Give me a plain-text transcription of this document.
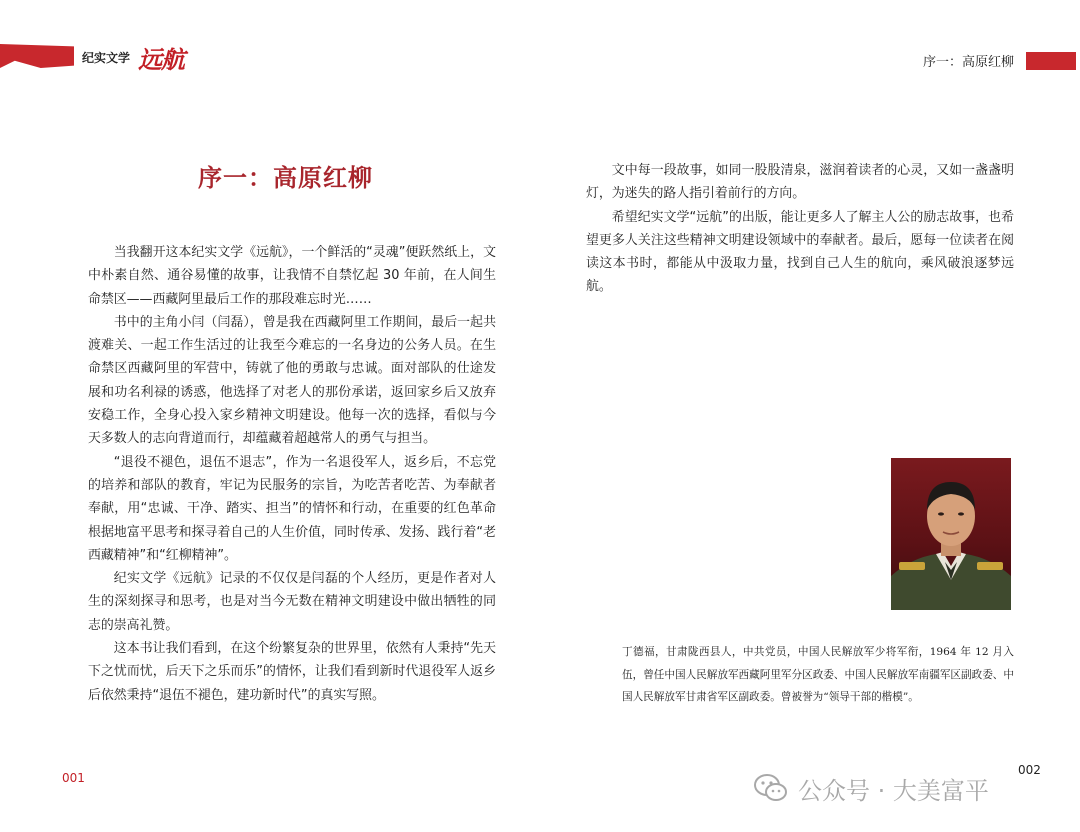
纪实文学 远航	序一：高原红柳
序一：高原红柳

当我翻开这本纪实文学《远航》，一个鲜活的“灵魂”便跃然纸上，文中朴素自然、通谷易懂的故事，让我情不自禁忆起 30 年前，在人间生命禁区——西藏阿里最后工作的那段难忘时光……

书中的主角小闫（闫磊），曾是我在西藏阿里工作期间，最后一起共渡难关、一起工作生活过的让我至今难忘的一名身边的公务人员。在生命禁区西藏阿里的军营中，铸就了他的勇敢与忠诚。面对部队的仕途发展和功名利禄的诱惑，他选择了对老人的那份承诺，返回家乡后又放弃安稳工作，全身心投入家乡精神文明建设。他每一次的选择，看似与今天多数人的志向背道而行，却蕴藏着超越常人的勇气与担当。

“退役不褪色，退伍不退志”，作为一名退役军人，返乡后，不忘党的培养和部队的教育，牢记为民服务的宗旨，为吃苦者吃苦、为奉献者奉献，用“忠诚、干净、踏实、担当”的情怀和行动，在重要的红色革命根据地富平思考和探寻着自己的人生价值，同时传承、发扬、践行着“老西藏精神”和“红柳精神”。

纪实文学《远航》记录的不仅仅是闫磊的个人经历，更是作者对人生的深刻探寻和思考，也是对当今无数在精神文明建设中做出牺牲的同志的崇高礼赞。

这本书让我们看到，在这个纷繁复杂的世界里，依然有人秉持“先天下之忧而忧，后天下之乐而乐”的情怀，让我们看到新时代退役军人返乡后依然秉持“退伍不褪色，建功新时代”的真实写照。

001

文中每一段故事，如同一股股清泉，滋润着读者的心灵，又如一盏盏明灯，为迷失的路人指引着前行的方向。

希望纪实文学“远航”的出版，能让更多人了解主人公的励志故事，也希望更多人关注这些精神文明建设领域中的奉献者。最后，愿每一位读者在阅读这本书时，都能从中汲取力量，找到自己人生的航向，乘风破浪逐梦远航。

丁德福，甘肃陇西县人，中共党员，中国人民解放军少将军衔，1964 年 12 月入伍，曾任中国人民解放军西藏阿里军分区政委、中国人民解放军南疆军区副政委、中国人民解放军甘肃省军区副政委。曾被誉为“领导干部的楷模”。
002
公众号 · 大美富平
